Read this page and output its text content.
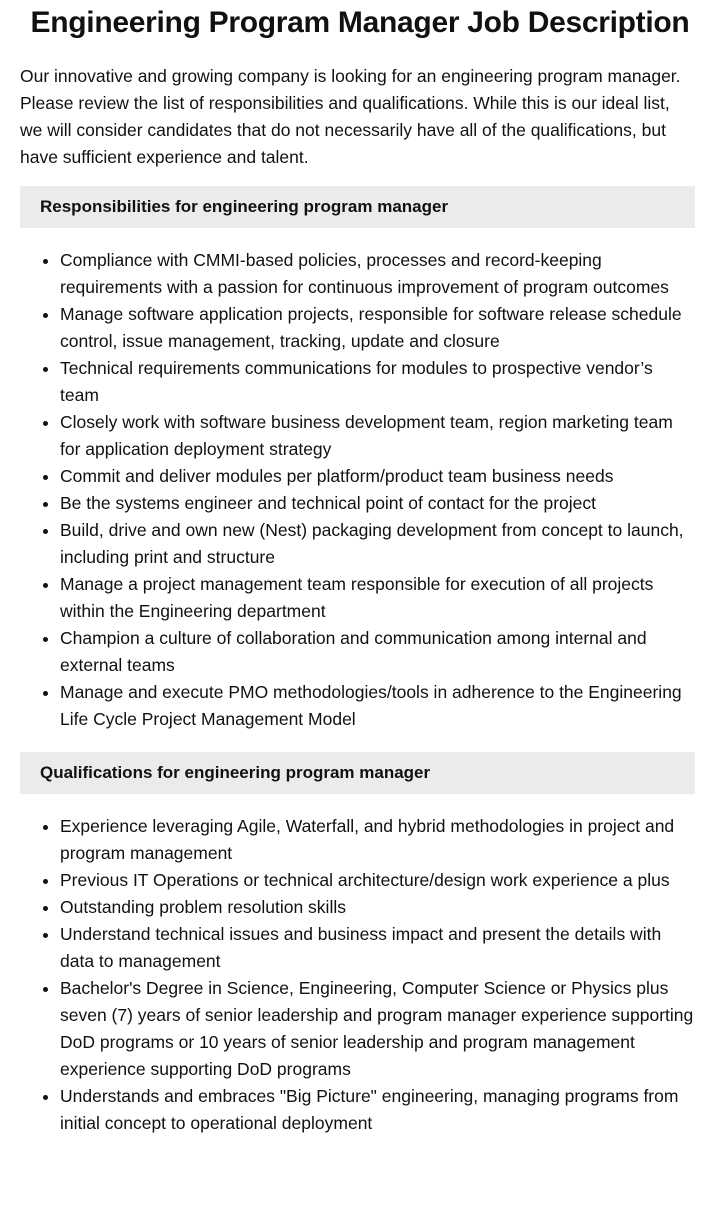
Engineering Program Manager Job Description

Our innovative and growing company is looking for an engineering program manager. Please review the list of responsibilities and qualifications. While this is our ideal list, we will consider candidates that do not necessarily have all of the qualifications, but have sufficient experience and talent.

Responsibilities for engineering program manager
• Compliance with CMMI-based policies, processes and record-keeping requirements with a passion for continuous improvement of program outcomes
• Manage software application projects, responsible for software release schedule control, issue management, tracking, update and closure
• Technical requirements communications for modules to prospective vendor’s team
• Closely work with software business development team, region marketing team for application deployment strategy
• Commit and deliver modules per platform/product team business needs
• Be the systems engineer and technical point of contact for the project
• Build, drive and own new (Nest) packaging development from concept to launch, including print and structure
• Manage a project management team responsible for execution of all projects within the Engineering department
• Champion a culture of collaboration and communication among internal and external teams
• Manage and execute PMO methodologies/tools in adherence to the Engineering Life Cycle Project Management Model
Qualifications for engineering program manager
• Experience leveraging Agile, Waterfall, and hybrid methodologies in project and program management
• Previous IT Operations or technical architecture/design work experience a plus
• Outstanding problem resolution skills
• Understand technical issues and business impact and present the details with data to management
• Bachelor's Degree in Science, Engineering, Computer Science or Physics plus seven (7) years of senior leadership and program manager experience supporting DoD programs or 10 years of senior leadership and program management experience supporting DoD programs
• Understands and embraces "Big Picture" engineering, managing programs from initial concept to operational deployment
